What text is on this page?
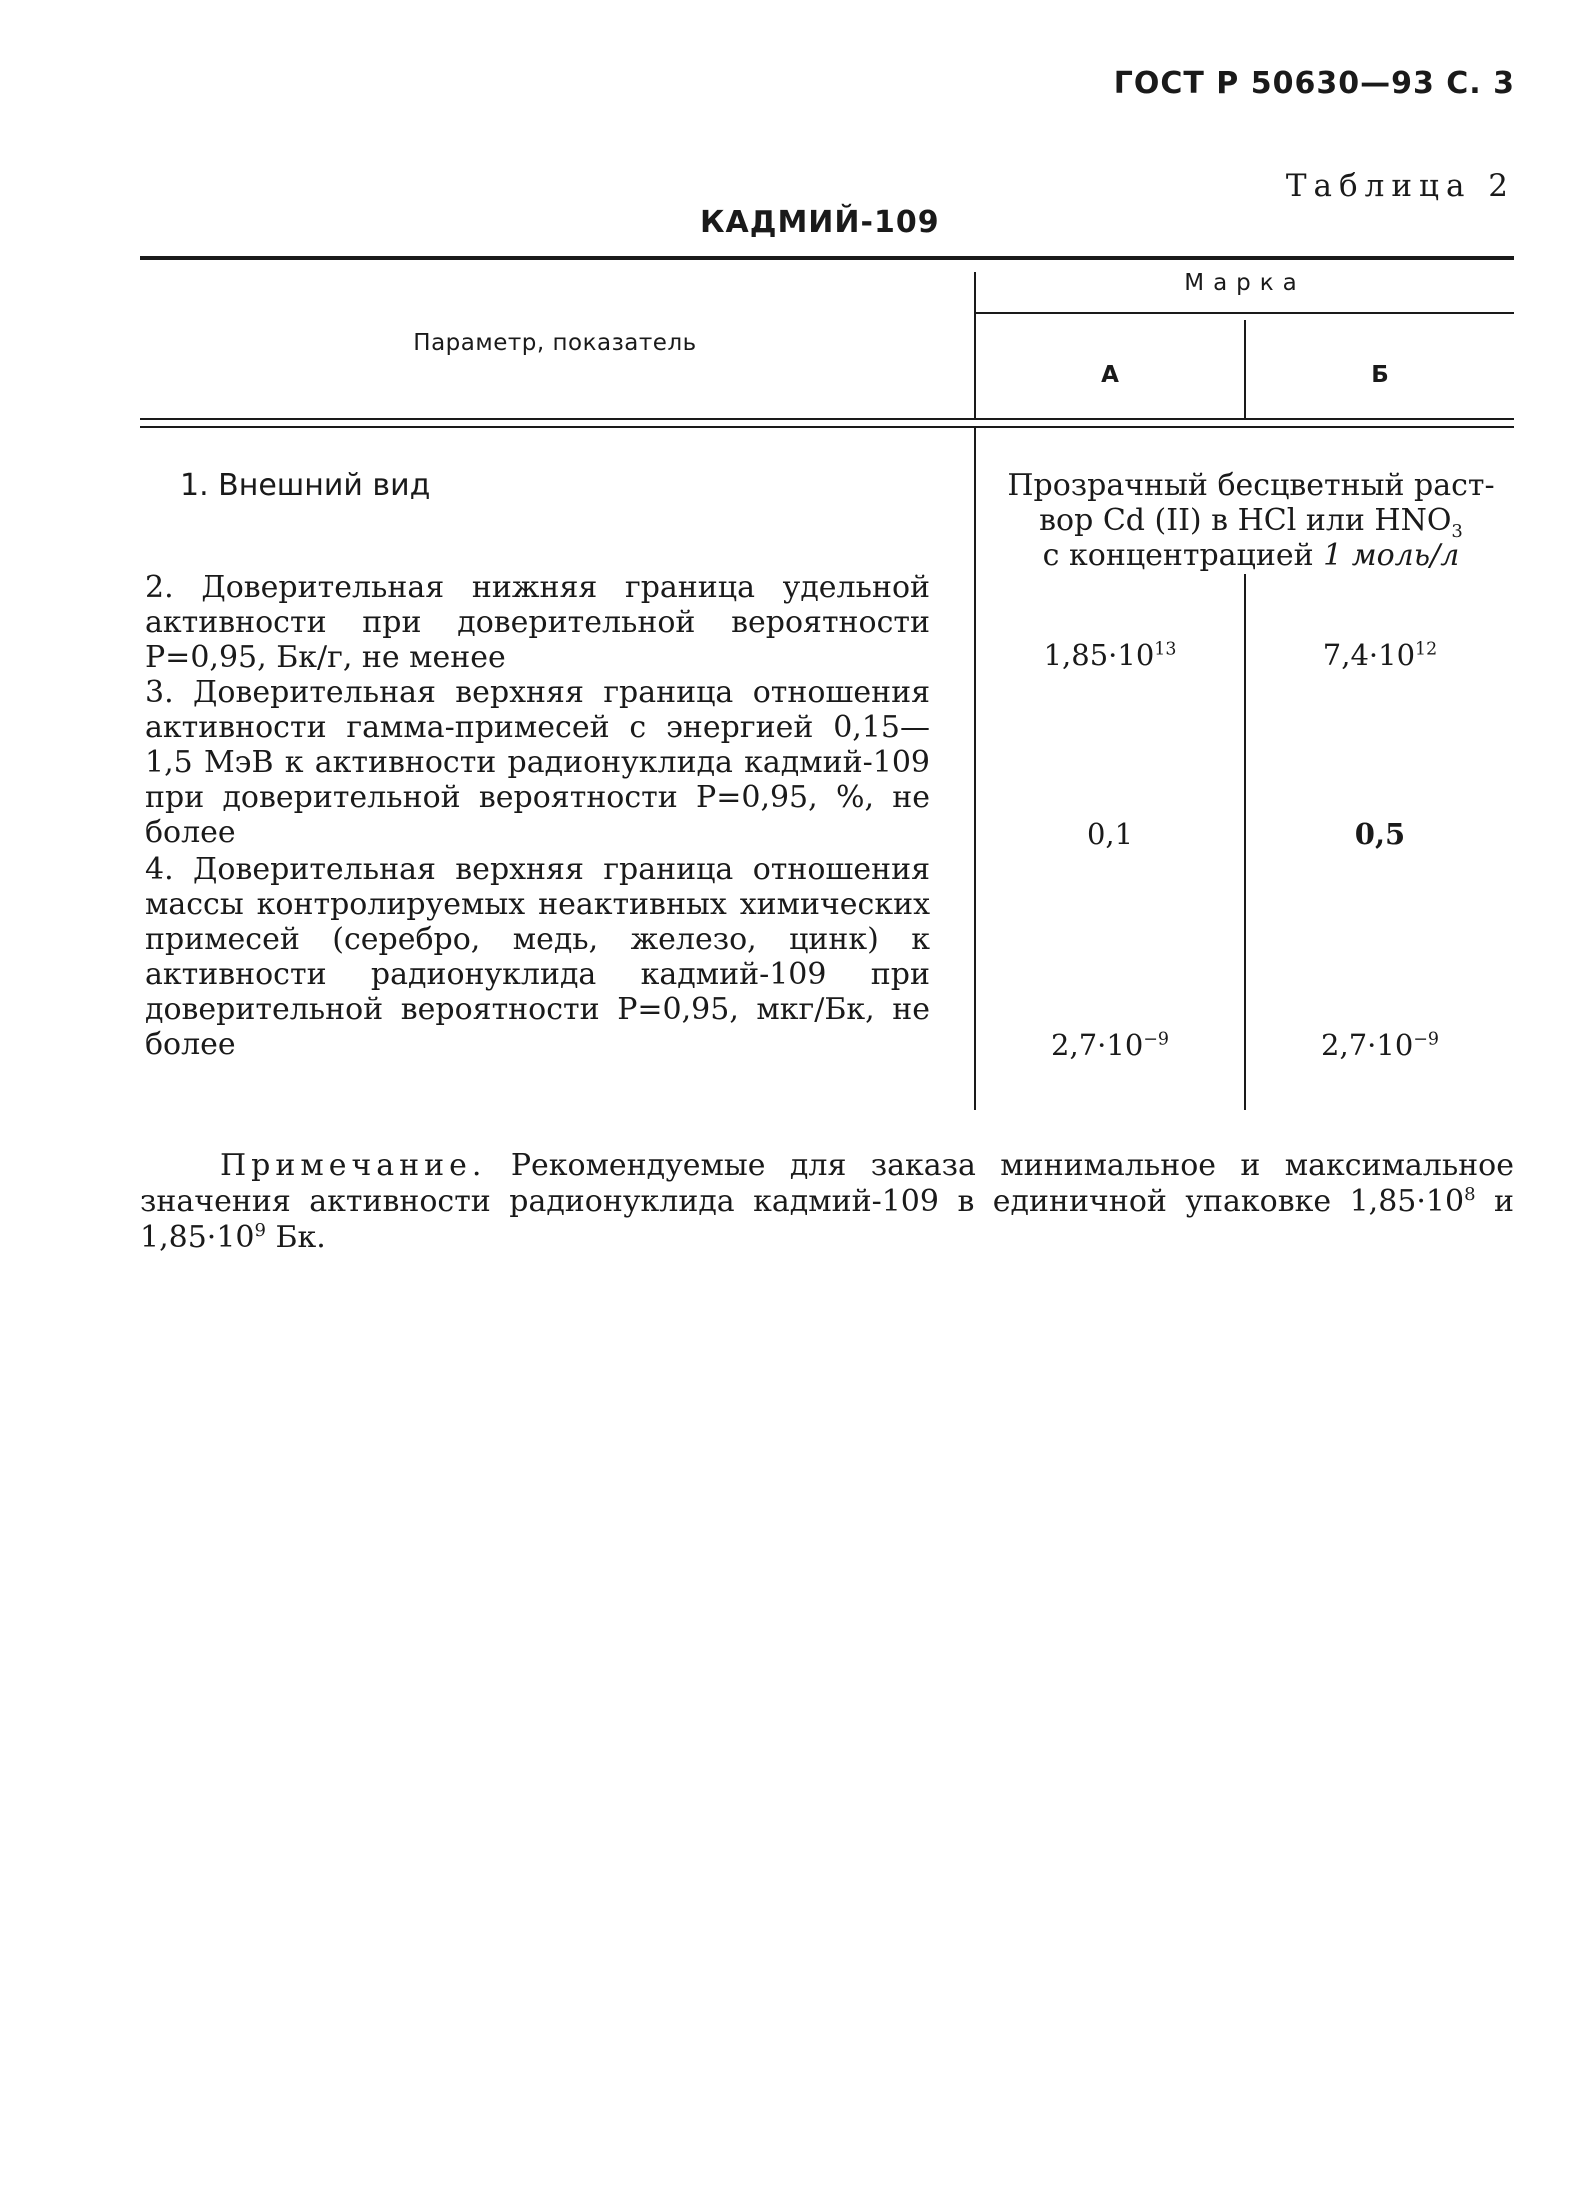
ГОСТ Р 50630—93 С. 3
Таблица 2
КАДМИЙ-109
Параметр, показатель
Марка
А	Б
1. Внешний вид	Прозрачный бесцветный раст-
вор Cd (II) в HCl или $HNO_3$
с концентрацией 1 моль/л
2. Доверительная нижняя граница удельной активности при доверительной вероятности P=0,95, Бк/г, не менее	$1,85\cdot 10^{13}$	$7,4\cdot 10^{12}$
3. Доверительная верхняя граница отношения активности гамма-примесей с энергией 0,15—1,5 МэВ к активности радионуклида кадмий-109 при доверительной вероятности P=0,95, %, не более	0,1	0,5
4. Доверительная верхняя граница отношения массы контролируемых неактивных химических примесей (серебро, медь, железо, цинк) к активности радионуклида кадмий-109 при доверительной вероятности P=0,95, мкг/Бк, не более	$2,7\cdot 10^{-9}$	$2,7\cdot 10^{-9}$
Примечание. Рекомендуемые для заказа минимальное и максимальное значения активности радионуклида кадмий-109 в единичной упаковке $1,85\cdot 10^8$ и $1,85\cdot 10^9$ Бк.
